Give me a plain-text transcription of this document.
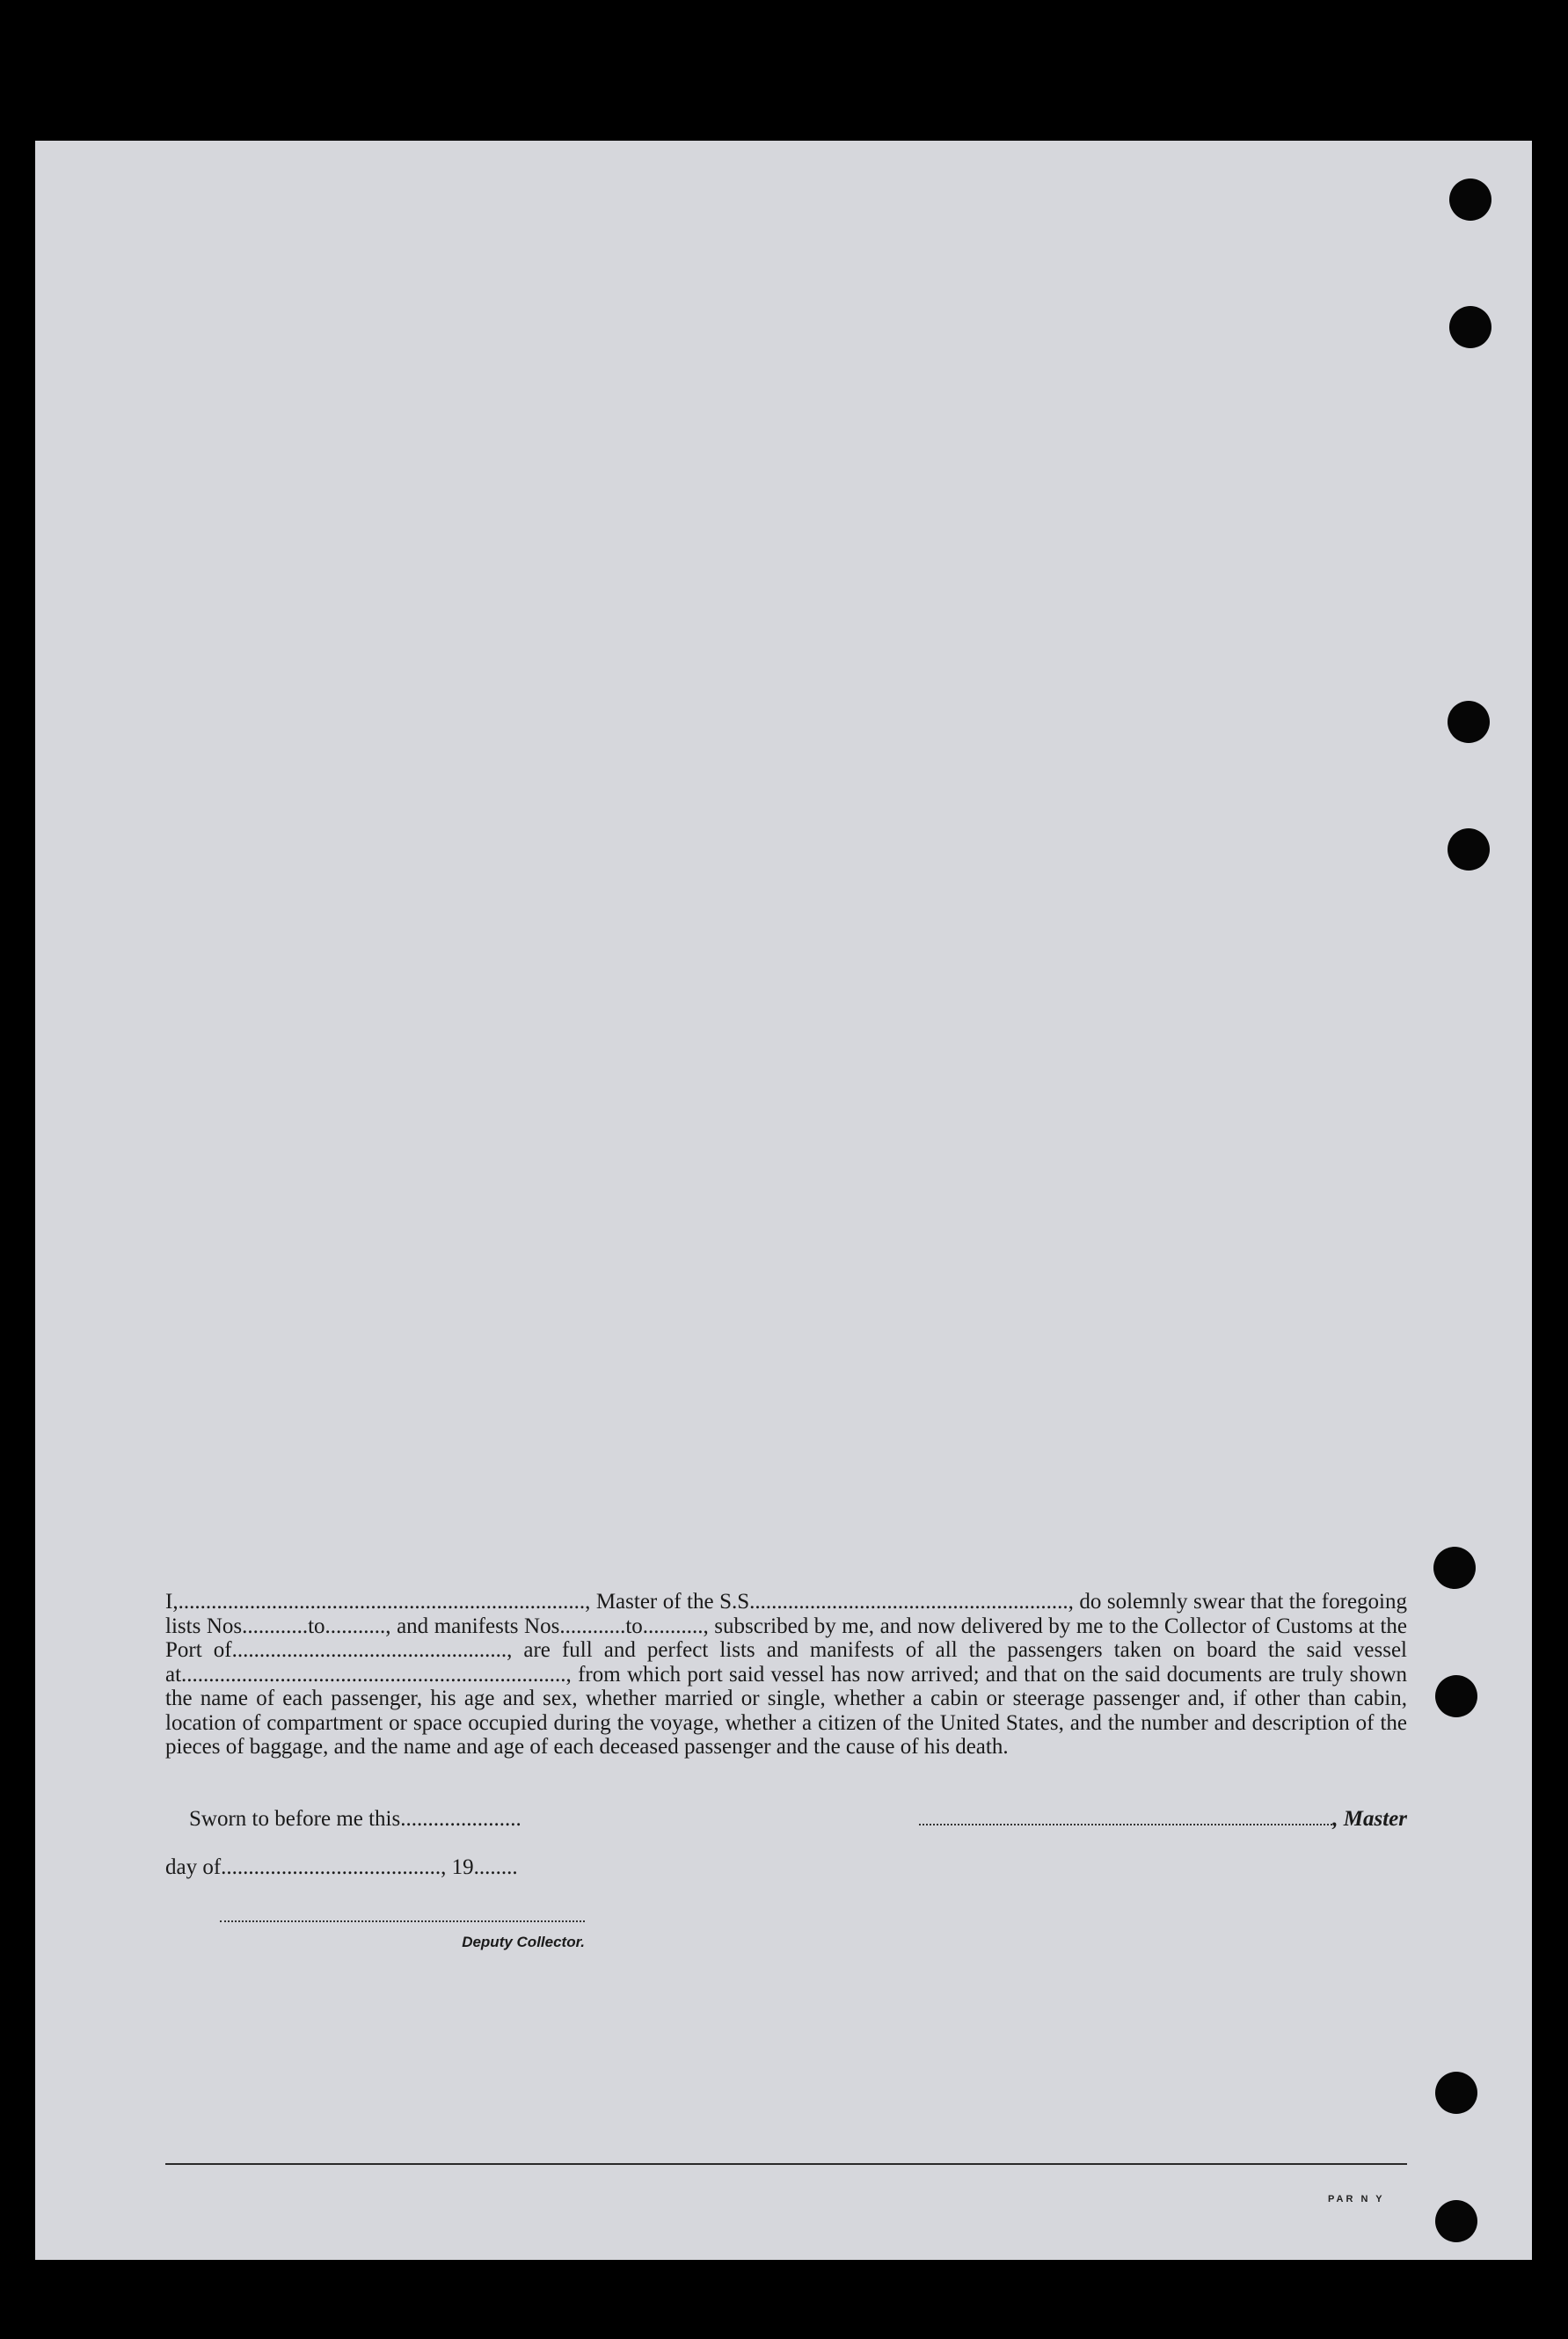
I,.........................................................................., Master of the S.S.........................................................., do solemnly swear that the foregoing lists Nos............to..........., and manifests Nos............to..........., subscribed by me, and now delivered by me to the Collector of Customs at the Port of.................................................., are full and perfect lists and manifests of all the passengers taken on board the said vessel at......................................................................, from which port said vessel has now arrived; and that on the said documents are truly shown the name of each passenger, his age and sex, whether married or single, whether a cabin or steerage passenger and, if other than cabin, location of compartment or space occupied during the voyage, whether a citizen of the United States, and the number and description of the pieces of baggage, and the name and age of each deceased passenger and the cause of his death.

Sworn to before me this......................	, Master
day of........................................, 19........
Deputy Collector.
PAR N Y
